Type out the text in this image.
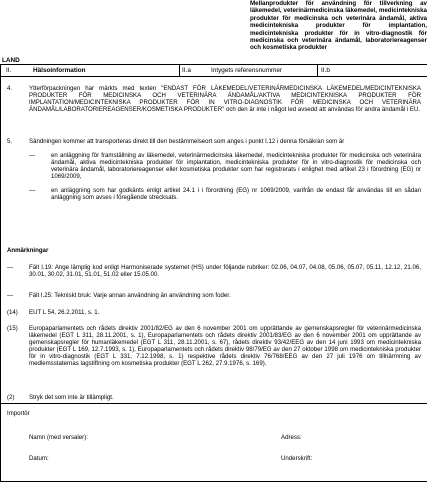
LAND
Mellanprodukter för användning för tillverkning av läkemedel, veterinärmedicinska läkemedel, medicintekniska produkter för medicinska och veterinära ändamål, aktiva medicintekniska produkter för implantation, medicintekniska produkter för in vitro-diagnostik för medicinska och veterinära ändamål, laboratoriereagenser och kosmetiska produkter
II.	Hälsoinformation	II.a	Intygets referensnummer	II.b
4.	Ytterförpackningen har märkts med texten "ENDAST FÖR LÄKEMEDEL/VETERINÄRMEDICINSKA LÄKEMEDEL/MEDICINTEKNISKA PRODUKTER FÖR MEDICINSKA OCH VETERINÄRA ÄNDAMÅL/AKTIVA MEDICINTEKNISKA PRODUKTER FÖR IMPLANTATION/MEDICINTEKNISKA PRODUKTER FÖR IN VITRO-DIAGNOSTIK FÖR MEDICINSKA OCH VETERINÄRA ÄNDAMÅL/LABORATORIEREAGENSER/KOSMETISKA PRODUKTER" och den är inte i något led avsedd att användas för andra ändamål i EU.
5.	Sändningen kommer att transporteras direkt till den bestämmelseort som anges i punkt I.12 i denna försäkran som är
—	en anläggning för framställning av läkemedel, veterinärmedicinska läkemedel, medicintekniska produkter för medicinska och veterinära ändamål, aktiva medicintekniska produkter för implantation, medicintekniska produkter för in vitro-diagnostik för medicinska och veterinära ändamål, laboratoriereagenser eller kosmetiska produkter som har registrerats i enlighet med artikel 23 i förordning (EG) nr 1069/2009,
—	en anläggning som har godkänts enligt artikel 24.1 i i förordning (EG) nr 1069/2009, varifrån de endast får användas till en sådan anläggning som avses i föregående strecksats.
Anmärkningar
—	Fält I.19: Ange lämplig kod enligt Harmoniserade systemet (HS) under följande rubriker: 02.06, 04.07, 04.08, 05.06, 05.07, 05.11, 12.12, 21.06, 30.01, 30.02, 31.01, 51.01, 51.02 eller 15.05.00.
—	Fält I.25: Tekniskt bruk: Varje annan användning än användning som foder.
(14) EUT L 54, 26.2.2011, s. 1.
(15) Europaparlamentets och rådets direktiv 2001/82/EG av den 6 november 2001 om upprättande av gemenskapsregler för veterinärmedicinska läkemedel (EGT L 311, 28.11.2001, s. 1), Europaparlamentets och rådets direktiv 2001/83/EG av den 6 november 2001 om upprättande av gemenskapsregler för humanläkemedel (EGT L 311, 28.11.2001, s. 67), rådets direktiv 93/42/EEG av den 14 juni 1993 om medicintekniska produkter (EGT L 169, 12.7.1993, s. 1), Europaparlamentets och rådets direktiv 98/79/EG av den 27 oktober 1998 om medicintekniska produkter för in vitro-diagnostik (EGT L 331, 7.12.1998, s. 1) respektive rådets direktiv 76/768/EEG av den 27 juli 1976 om tillnärmning av medlemsstaternas lagstiftning om kosmetiska produkter (EGT L 262, 27.9.1976, s. 169).
(2) Stryk det som inte är tillämpligt.
Importör
Namn (med versaler):	Adress:
Datum:	Underskrift:
